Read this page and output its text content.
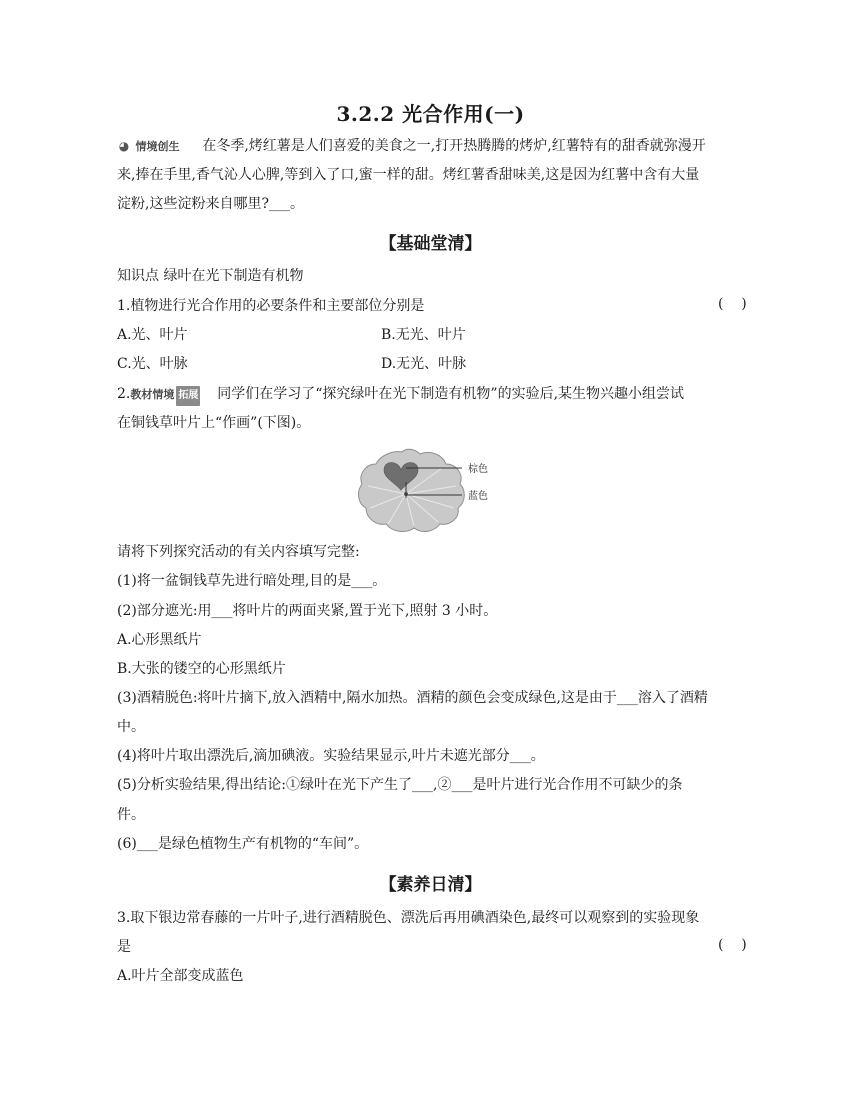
3.2.2 光合作用(一)
◕ 情境创生 在冬季,烤红薯是人们喜爱的美食之一,打开热腾腾的烤炉,红薯特有的甜香就弥漫开
来,捧在手里,香气沁人心脾,等到入了口,蜜一样的甜。烤红薯香甜味美,这是因为红薯中含有大量
淀粉,这些淀粉来自哪里?___。
【基础堂清】
知识点 绿叶在光下制造有机物
1.植物进行光合作用的必要条件和主要部位分别是	(    )
A.光、叶片	B.无光、叶片
C.光、叶脉	D.无光、叶脉
2.教材情境 拓展 同学们在学习了“探究绿叶在光下制造有机物”的实验后,某生物兴趣小组尝试
在铜钱草叶片上“作画”(下图)。
棕色
蓝色
请将下列探究活动的有关内容填写完整:
(1)将一盆铜钱草先进行暗处理,目的是___。
(2)部分遮光:用___将叶片的两面夹紧,置于光下,照射 3 小时。
A.心形黑纸片
B.大张的镂空的心形黑纸片
(3)酒精脱色:将叶片摘下,放入酒精中,隔水加热。酒精的颜色会变成绿色,这是由于___溶入了酒精
中。
(4)将叶片取出漂洗后,滴加碘液。实验结果显示,叶片未遮光部分___。
(5)分析实验结果,得出结论:①绿叶在光下产生了___,②___是叶片进行光合作用不可缺少的条
件。
(6)___是绿色植物生产有机物的“车间”。
【素养日清】
3.取下银边常春藤的一片叶子,进行酒精脱色、漂洗后再用碘酒染色,最终可以观察到的实验现象
是	(    )
A.叶片全部变成蓝色
